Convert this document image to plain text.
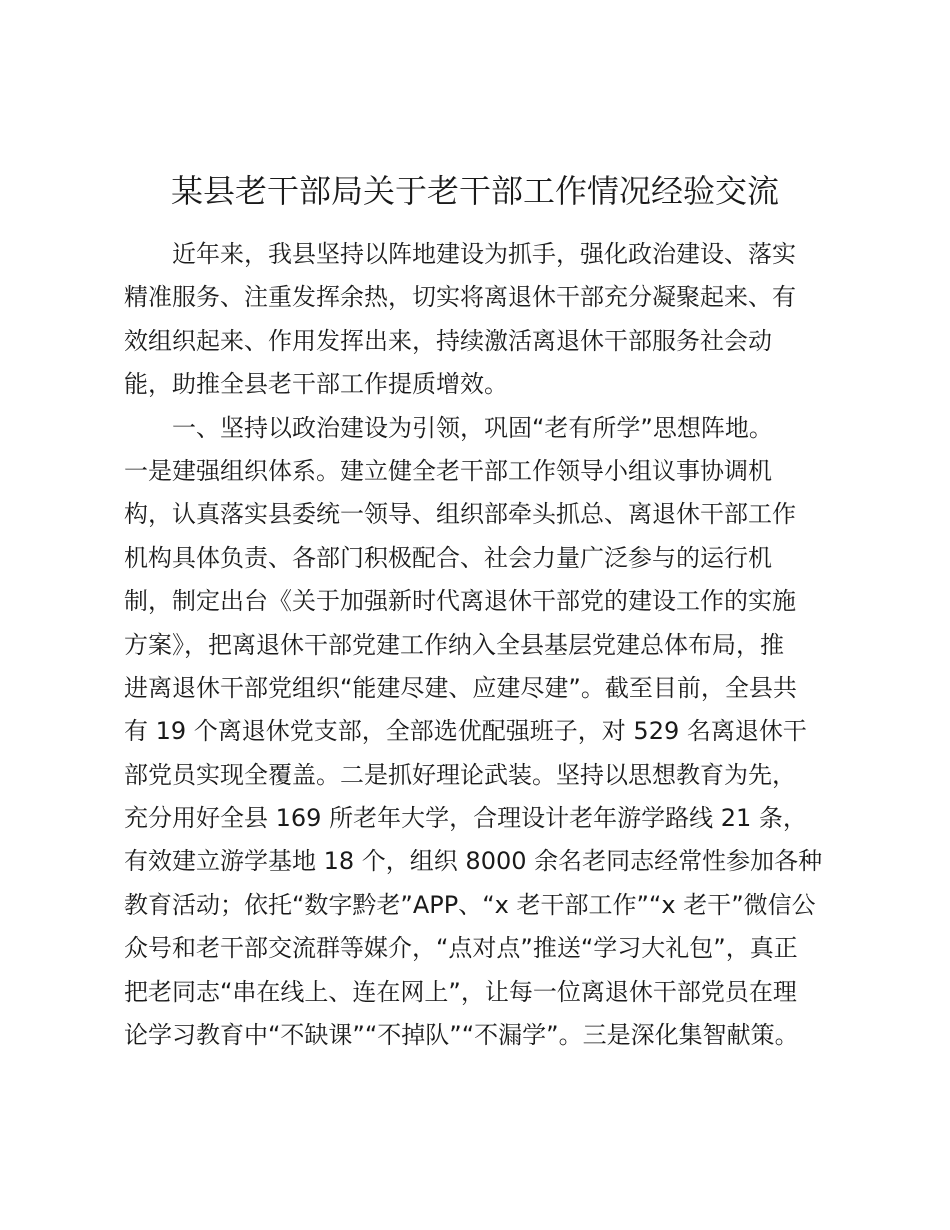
某县老干部局关于老干部工作情况经验交流
近年来，我县坚持以阵地建设为抓手，强化政治建设、落实
精准服务、注重发挥余热，切实将离退休干部充分凝聚起来、有
效组织起来、作用发挥出来，持续激活离退休干部服务社会动
能，助推全县老干部工作提质增效。
一、坚持以政治建设为引领，巩固“老有所学”思想阵地。
一是建强组织体系。建立健全老干部工作领导小组议事协调机
构，认真落实县委统一领导、组织部牵头抓总、离退休干部工作
机构具体负责、各部门积极配合、社会力量广泛参与的运行机
制，制定出台《关于加强新时代离退休干部党的建设工作的实施
方案》，把离退休干部党建工作纳入全县基层党建总体布局，推
进离退休干部党组织“能建尽建、应建尽建”。截至目前，全县共
有 19 个离退休党支部，全部选优配强班子，对 529 名离退休干
部党员实现全覆盖。二是抓好理论武装。坚持以思想教育为先，
充分用好全县 169 所老年大学，合理设计老年游学路线 21 条，
有效建立游学基地 18 个，组织 8000 余名老同志经常性参加各种
教育活动；依托“数字黔老”APP、“x 老干部工作”“x 老干”微信公
众号和老干部交流群等媒介，“点对点”推送“学习大礼包”，真正
把老同志“串在线上、连在网上”，让每一位离退休干部党员在理
论学习教育中“不缺课”“不掉队”“不漏学”。三是深化集智献策。
